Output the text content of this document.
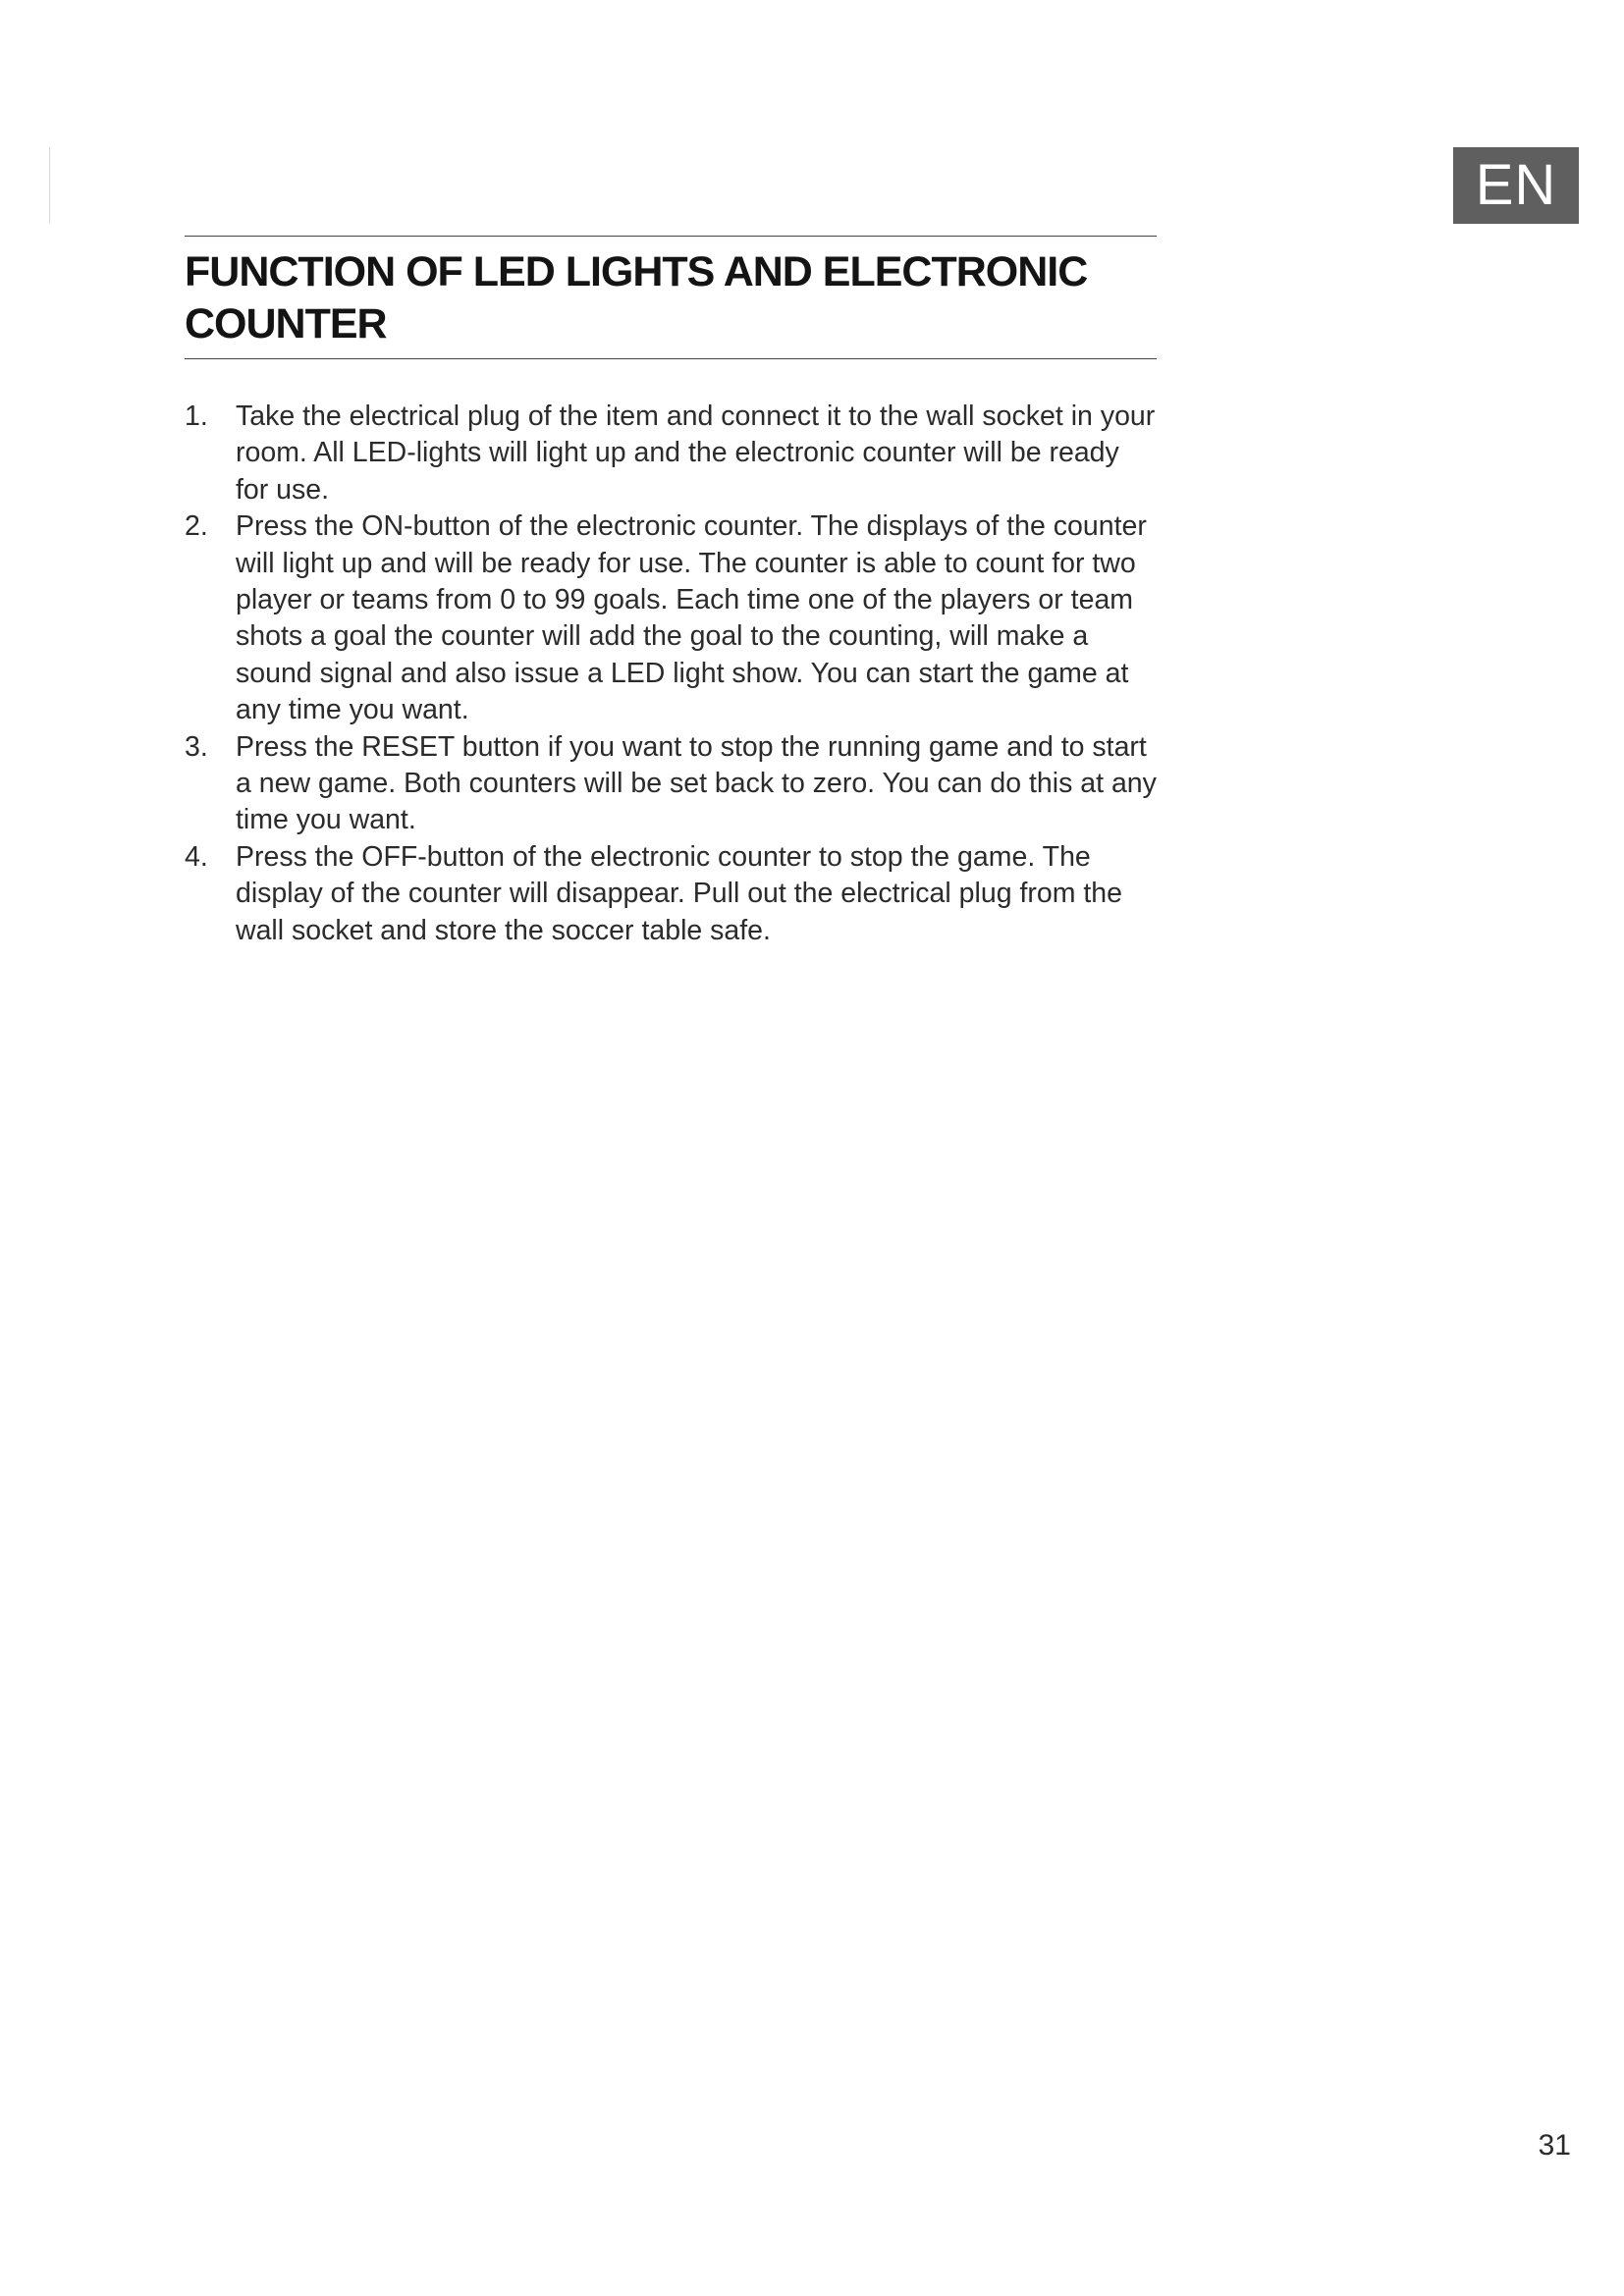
EN
FUNCTION OF LED LIGHTS AND ELECTRONIC COUNTER
1. Take the electrical plug of the item and connect it to the wall socket in your room. All LED-lights will light up and the electronic counter will be ready for use.
2. Press the ON-button of the electronic counter. The displays of the counter will light up and will be ready for use. The counter is able to count for two player or teams from 0 to 99 goals. Each time one of the players or team shots a goal the counter will add the goal to the counting, will make a sound signal and also issue a LED light show. You can start the game at any time you want.
3. Press the RESET button if you want to stop the running game and to start a new game. Both counters will be set back to zero. You can do this at any time you want.
4. Press the OFF-button of the electronic counter to stop the game. The display of the counter will disappear. Pull out the electrical plug from the wall socket and store the soccer table safe.
31
